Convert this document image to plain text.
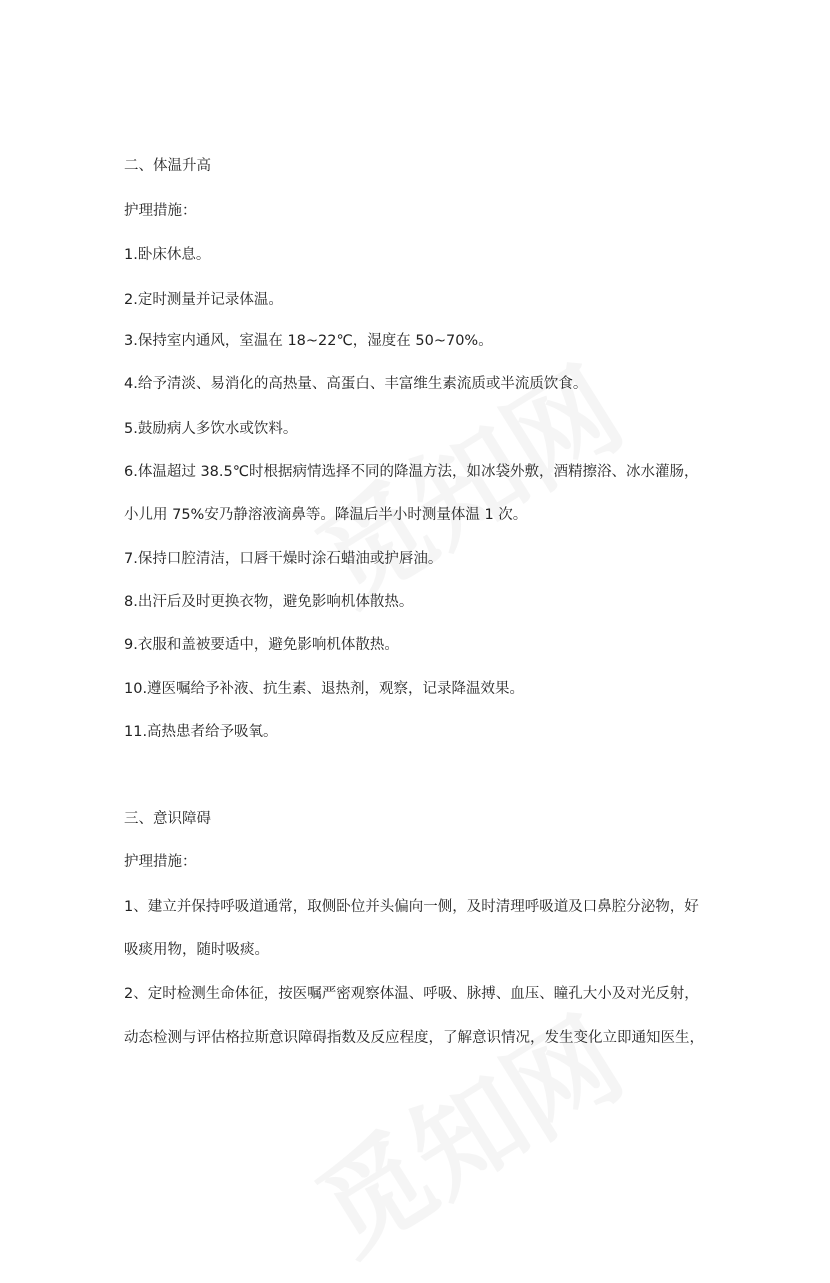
二、体温升高

护理措施：

1.卧床休息。

2.定时测量并记录体温。

3.保持室内通风，室温在 18~22℃，湿度在 50~70%。

4.给予清淡、易消化的高热量、高蛋白、丰富维生素流质或半流质饮食。

5.鼓励病人多饮水或饮料。

6.体温超过 38.5℃时根据病情选择不同的降温方法，如冰袋外敷，酒精擦浴、冰水灌肠，

小儿用 75%安乃静溶液滴鼻等。降温后半小时测量体温 1 次。

7.保持口腔清洁，口唇干燥时涂石蜡油或护唇油。

8.出汗后及时更换衣物，避免影响机体散热。

9.衣服和盖被要适中，避免影响机体散热。

10.遵医嘱给予补液、抗生素、退热剂，观察，记录降温效果。

11.高热患者给予吸氧。

三、意识障碍

护理措施：

1、建立并保持呼吸道通常，取侧卧位并头偏向一侧，及时清理呼吸道及口鼻腔分泌物，好

吸痰用物，随时吸痰。

2、定时检测生命体征，按医嘱严密观察体温、呼吸、脉搏、血压、瞳孔大小及对光反射，

动态检测与评估格拉斯意识障碍指数及反应程度，了解意识情况，发生变化立即通知医生，
